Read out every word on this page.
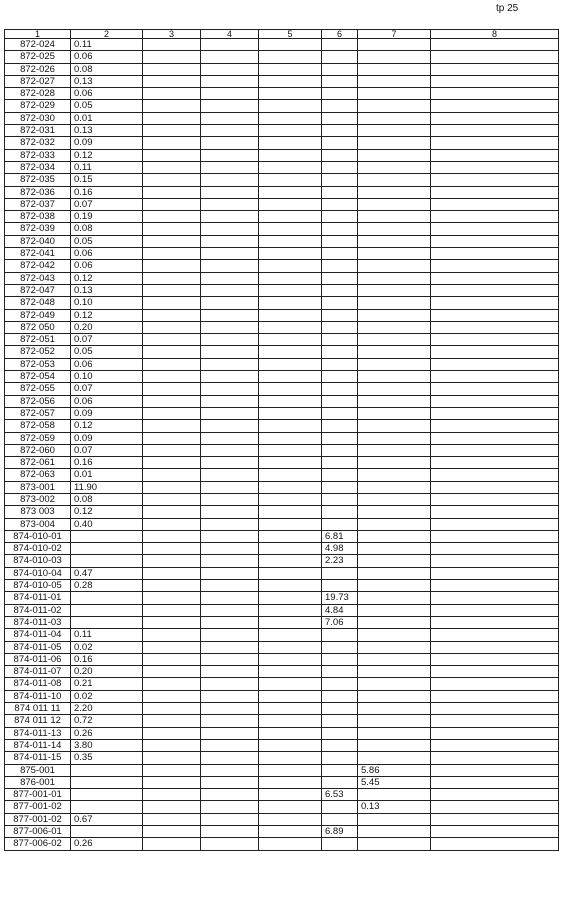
tp 25
1	2	3	4	5	6	7	8
872-024	0.11						
872-025	0.06						
872-026	0.08						
872-027	0.13						
872-028	0.06						
872-029	0.05						
872-030	0.01						
872-031	0.13						
872-032	0.09						
872-033	0.12						
872-034	0.11						
872-035	0.15						
872-036	0.16						
872-037	0.07						
872-038	0.19						
872-039	0.08						
872-040	0.05						
872-041	0.06						
872-042	0.06						
872-043	0.12						
872-047	0.13						
872-048	0.10						
872-049	0.12						
872 050	0.20						
872-051	0.07						
872-052	0.05						
872-053	0.06						
872-054	0.10						
872-055	0.07						
872-056	0.06						
872-057	0.09						
872-058	0.12						
872-059	0.09						
872-060	0.07						
872-061	0.16						
872-063	0.01						
873-001	11.90						
873-002	0.08						
873 003	0.12						
873-004	0.40						
874-010-01					6.81		
874-010-02					4.98		
874-010-03					2.23		
874-010-04	0.47						
874-010-05	0.28						
874-011-01					19.73		
874-011-02					4.84		
874-011-03					7.06		
874-011-04	0.11						
874-011-05	0.02						
874-011-06	0.16						
874-011-07	0.20						
874-011-08	0.21						
874-011-10	0.02						
874 011 11	2.20						
874 011 12	0.72						
874-011-13	0.26						
874-011-14	3.80						
874-011-15	0.35						
875-001						5.86	
876-001						5.45	
877-001-01					6.53		
877-001-02						0.13	
877-001-02	0.67						
877-006-01					6.89		
877-006-02	0.26						
